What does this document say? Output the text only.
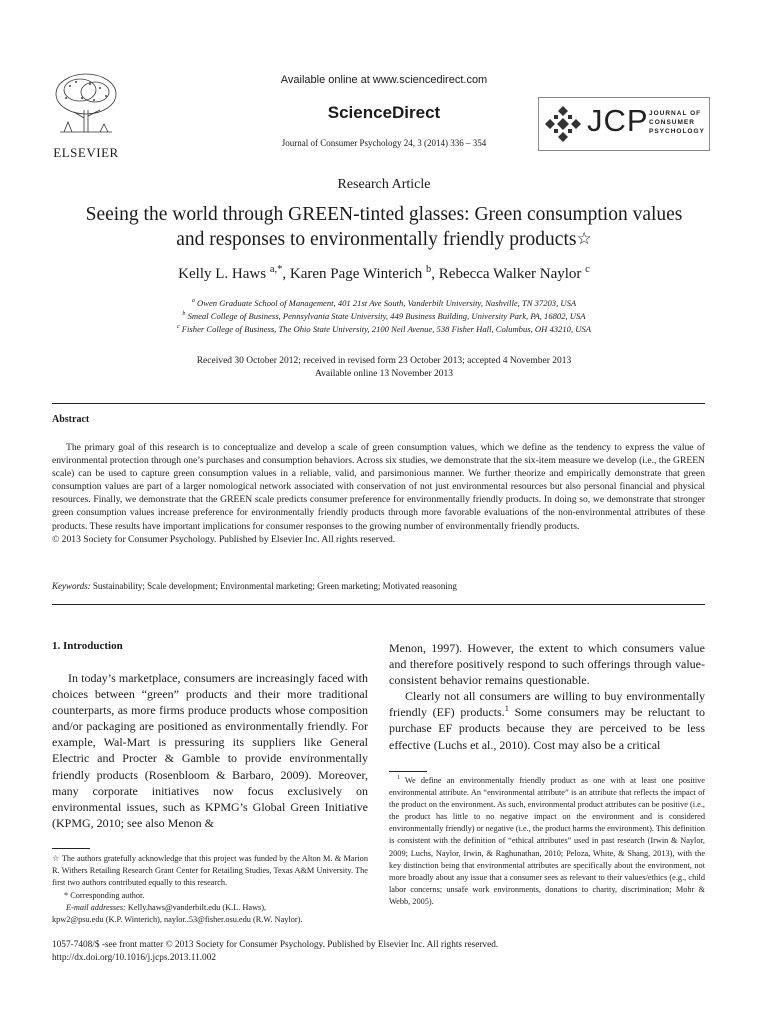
ELSEVIER
Available online at www.sciencedirect.com
ScienceDirect
Journal of Consumer Psychology 24, 3 (2014) 336 – 354
JCP JOURNAL OF
CONSUMER
PSYCHOLOGY
Research Article
Seeing the world through GREEN-tinted glasses: Green consumption values
and responses to environmentally friendly products☆
Kelly L. Haws $^{a,*}$, Karen Page Winterich $^b$, Rebecca Walker Naylor $^c$
$^a$ Owen Graduate School of Management, 401 21st Ave South, Vanderbilt University, Nashville, TN 37203, USA
$^b$ Smeal College of Business, Pennsylvania State University, 449 Business Building, University Park, PA, 16802, USA
$^c$ Fisher College of Business, The Ohio State University, 2100 Neil Avenue, 538 Fisher Hall, Columbus, OH 43210, USA
Received 30 October 2012; received in revised form 23 October 2013; accepted 4 November 2013
Available online 13 November 2013
Abstract

The primary goal of this research is to conceptualize and develop a scale of green consumption values, which we define as the tendency to express the value of environmental protection through one’s purchases and consumption behaviors. Across six studies, we demonstrate that the six-item measure we develop (i.e., the GREEN scale) can be used to capture green consumption values in a reliable, valid, and parsimonious manner. We further theorize and empirically demonstrate that green consumption values are part of a larger nomological network associated with conservation of not just environmental resources but also personal financial and physical resources. Finally, we demonstrate that the GREEN scale predicts consumer preference for environmentally friendly products. In doing so, we demonstrate that stronger green consumption values increase preference for environmentally friendly products through more favorable evaluations of the non-environmental attributes of these products. These results have important implications for consumer responses to the growing number of environmentally friendly products.

© 2013 Society for Consumer Psychology. Published by Elsevier Inc. All rights reserved.

Keywords: Sustainability; Scale development; Environmental marketing; Green marketing; Motivated reasoning
1. Introduction

In today’s marketplace, consumers are increasingly faced with choices between “green” products and their more traditional counterparts, as more firms produce products whose composition and/or packaging are positioned as environmentally friendly. For example, Wal-Mart is pressuring its suppliers like General Electric and Procter & Gamble to provide environmentally friendly products (Rosenbloom & Barbaro, 2009). Moreover, many corporate initiatives now focus exclusively on environmental issues, such as KPMG’s Global Green Initiative (KPMG, 2010; see also Menon &

☆ The authors gratefully acknowledge that this project was funded by the Alton M. & Marion R. Withers Retailing Research Grant Center for Retailing Studies, Texas A&M University. The first two authors contributed equally to this research.
* Corresponding author.
E-mail addresses: Kelly.haws@vanderbilt.edu (K.L. Haws),
kpw2@psu.edu (K.P. Winterich), naylor..53@fisher.osu.edu (R.W. Naylor).

Menon, 1997). However, the extent to which consumers value and therefore positively respond to such offerings through value-consistent behavior remains questionable.

Clearly not all consumers are willing to buy environmentally friendly (EF) products.$^1$ Some consumers may be reluctant to purchase EF products because they are perceived to be less effective (Luchs et al., 2010). Cost may also be a critical

$^1$ We define an environmentally friendly product as one with at least one positive environmental attribute. An “environmental attribute” is an attribute that reflects the impact of the product on the environment. As such, environmental product attributes can be positive (i.e., the product has little to no negative impact on the environment and is considered environmentally friendly) or negative (i.e., the product harms the environment). This definition is consistent with the definition of “ethical attributes” used in past research (Irwin & Naylor, 2009; Luchs, Naylor, Irwin, & Raghunathan, 2010; Peloza, White, & Shang, 2013), with the key distinction being that environmental attributes are specifically about the environment, not more broadly about any issue that a consumer sees as relevant to their values/ethics (e.g., child labor concerns; unsafe work environments, donations to charity, discrimination; Mohr & Webb, 2005).
1057-7408/$ -see front matter © 2013 Society for Consumer Psychology. Published by Elsevier Inc. All rights reserved.
http://dx.doi.org/10.1016/j.jcps.2013.11.002
